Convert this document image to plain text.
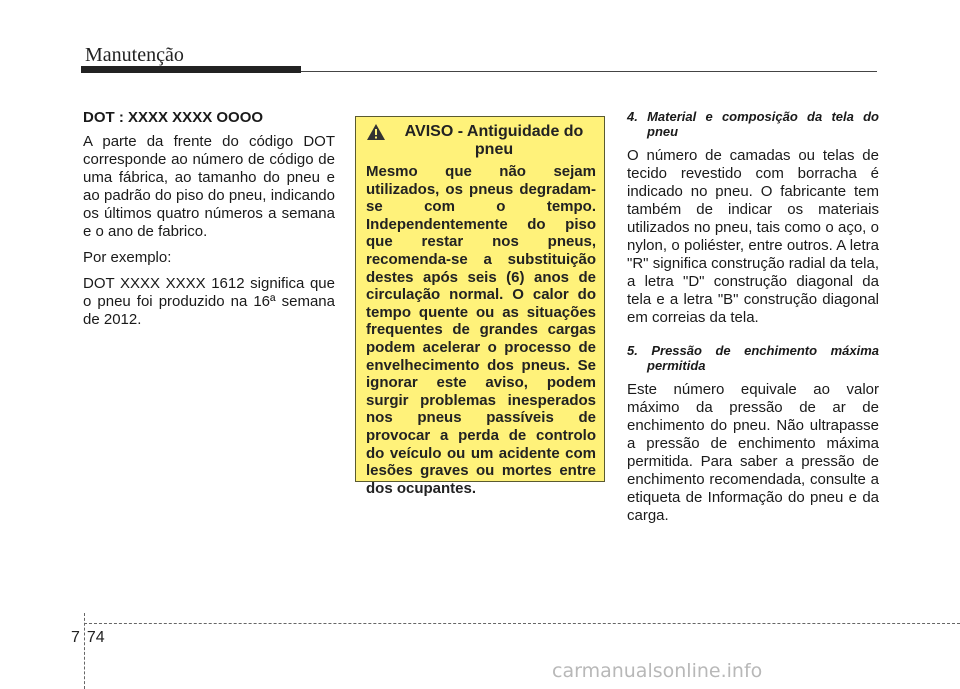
Manutenção

DOT : XXXX XXXX OOOO

A parte da frente do código DOT corresponde ao número de código de uma fábrica, ao tamanho do pneu e ao padrão do piso do pneu, indicando os últimos quatro números a semana e o ano de fabrico.

Por exemplo:

DOT XXXX XXXX 1612 significa que o pneu foi produzido na 16ª semana de 2012.

AVISO - Antiguidade do pneu

Mesmo que não sejam utilizados, os pneus degradam-se com o tempo. Independentemente do piso que restar nos pneus, recomenda-se a substituição destes após seis (6) anos de circulação normal. O calor do tempo quente ou as situações frequentes de grandes cargas podem acelerar o processo de envelhecimento dos pneus. Se ignorar este aviso, podem surgir problemas inesperados nos pneus passíveis de provocar a perda de controlo do veículo ou um acidente com lesões graves ou mortes entre dos ocupantes.

4. Material e composição da tela do pneu

O número de camadas ou telas de tecido revestido com borracha é indicado no pneu. O fabricante tem também de indicar os materiais utilizados no pneu, tais como o aço, o nylon, o poliéster, entre outros. A letra "R" significa construção radial da tela, a letra "D" construção diagonal da tela e a letra "B" construção diagonal em correias da tela.

5. Pressão de enchimento máxima permitida

Este número equivale ao valor máximo da pressão de ar de enchimento do pneu. Não ultrapasse a pressão de enchimento máxima permitida. Para saber a pressão de enchimento recomendada, consulte a etiqueta de Informação do pneu e da carga.

7 74
carmanualsonline.info
